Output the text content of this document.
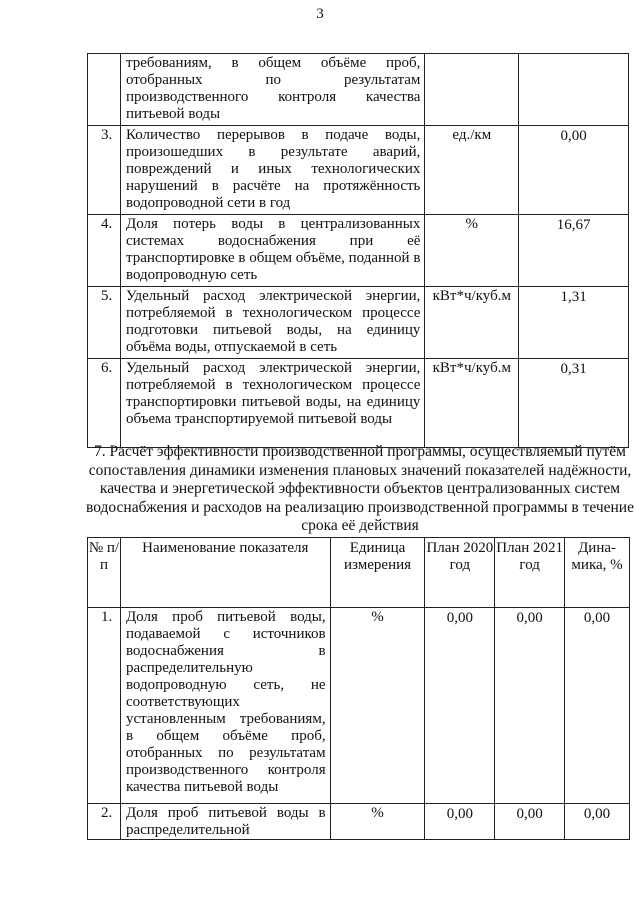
3
	требованиям, в общем объёме проб, отобранных по результатам производственного контроля качества питьевой воды		
3.	Количество перерывов в подаче воды, произошедших в результате аварий, повреждений и иных технологических нарушений в расчёте на протяжённость водопроводной сети в год	ед./км	0,00
4.	Доля потерь воды в централизованных системах водоснабжения при её транспортировке в общем объёме, поданной в водопроводную сеть	%	16,67
5.	Удельный расход электрической энергии, потребляемой в технологическом процессе подготовки питьевой воды, на единицу объёма воды, отпускаемой в сеть	кВт*ч/куб.м	1,31
6.	Удельный расход электрической энергии, потребляемой в технологическом процессе транспортировки питьевой воды, на единицу объема транспортируемой питьевой воды	кВт*ч/куб.м	0,31
7. Расчёт эффективности производственной программы, осуществляемый путём сопоставления динамики изменения плановых значений показателей надёжности, качества и энергетической эффективности объектов централизованных систем водоснабжения и расходов на реализацию производственной программы в течение срока её действия
№ п/п	Наименование показателя	Единица измерения	План 2020 год	План 2021 год	Дина-мика, %
1.	Доля проб питьевой воды, подаваемой с источников водоснабжения в распределительную водопроводную сеть, не соответствующих установленным требованиям, в общем объёме проб, отобранных по результатам производственного контроля качества питьевой воды	%	0,00	0,00	0,00
2.	Доля проб питьевой воды в распределительной	%	0,00	0,00	0,00
